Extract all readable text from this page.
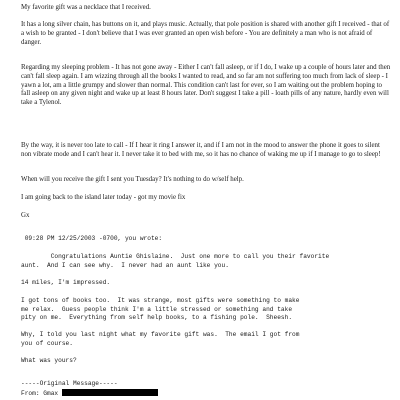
My favorite gift was a necklace that I received.

It has a long silver chain, has buttons on it, and plays music. Actually, that pole position is shared with another gift I received - that of a wish to be granted - I don't believe that I was ever granted an open wish before - You are definitely a man who is not afraid of danger.

Regarding my sleeping problem - It has not gone away - Either I can't fall asleep, or if I do, I wake up a couple of hours later and then can't fall sleep again. I am wizzing through all the books I wanted to read, and so far am not suffering too much from lack of sleep - I yawn a lot, am a little grumpy and slower than normal. This condition can't last for ever, so I am waiting out the problem hoping to fall asleep on any given night and wake up at least 8 hours later. Don't suggest I take a pill - loath pills of any nature, hardly even will take a Tylenol.

By the way, it is never too late to call - If I hear it ring I answer it, and if I am not in the mood to answer the phone it goes to silent non vibrate mode and I can't hear it. I never take it to bed with me, so it has no chance of waking me up if I manage to go to sleep!

When will you receive the gift I sent you Tuesday? It's nothing to do w/self help.

I am going back to the island later today - got my movie fix

Gx

09:28 PM 12/25/2003 -0700, you wrote:

Congratulations Auntie Ghislaine.  Just one more to call you their favorite

aunt.  And I can see why.  I never had an aunt like you.

14 miles, I'm impressed.

I got tons of books too.  It was strange, most gifts were something to make

me relax.  Guess people think I'm a little stressed or something and take

pity on me.  Everything from self help books, to a fishing pole.  Sheesh.

Why, I told you last night what my favorite gift was.  The email I got from

you of course.

What was yours?

-----Original Message-----

From: Gmax
